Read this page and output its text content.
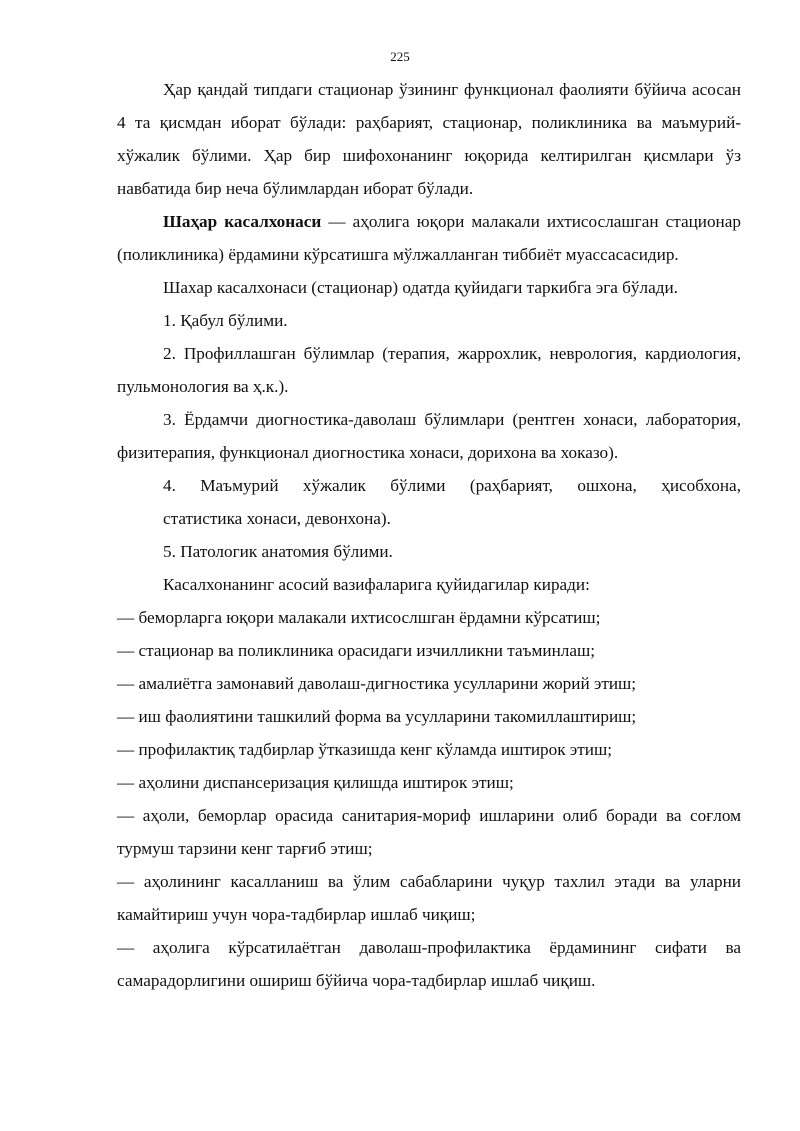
225

Ҳар қандай типдаги стационар ўзининг функционал фаолияти бўйича асосан 4 та қисмдан иборат бўлади: раҳбарият, стационар, поликлиника ва маъмурий-хўжалик бўлими. Ҳар бир шифохонанинг юқорида келтирилган қисмлари ўз навбатида бир неча бўлимлардан иборат бўлади.

Шаҳар касалхонаси — аҳолига юқори малакали ихтисослашган стационар (поликлиника) ёрдамини кўрсатишга мўлжалланган тиббиёт муассасасидир.

Шахар касалхонаси (стационар) одатда қуйидаги таркибга эга бўлади.

1. Қабул бўлими.

2. Профиллашган бўлимлар (терапия, жаррохлик, неврология, кардиология, пульмонология ва ҳ.к.).

3. Ёрдамчи диогностика-даволаш бўлимлари (рентген хонаси, лаборатория, физитерапия, функционал диогностика хонаси, дорихона ва хоказо).

4. Маъмурий хўжалик бўлими (раҳбарият, ошхона, ҳисобхона,

статистика хонаси, девонхона).

5. Патологик анатомия бўлими.

Касалхонанинг асосий вазифаларига қуйидагилар киради:

— беморларга юқори малакали ихтисослшган ёрдамни кўрсатиш;

— стационар ва поликлиника орасидаги изчилликни таъминлаш;

— амалиётга замонавий даволаш-дигностика усулларини жорий этиш;

— иш фаолиятини ташкилий форма ва усулларини такомиллаштириш;

— профилактиқ тадбирлар ўтказишда кенг кўламда иштирок этиш;

— аҳолини диспансеризация қилишда иштирок этиш;

— аҳоли, беморлар орасида санитария-мориф ишларини олиб боради ва соғлом турмуш тарзини кенг тарғиб этиш;

— аҳолининг касалланиш ва ўлим сабабларини чуқур тахлил этади ва уларни камайтириш учун чора-тадбирлар ишлаб чиқиш;

— аҳолига кўрсатилаётган даволаш-профилактика ёрдамининг сифати ва самарадорлигини ошириш бўйича чора-тадбирлар ишлаб чиқиш.
